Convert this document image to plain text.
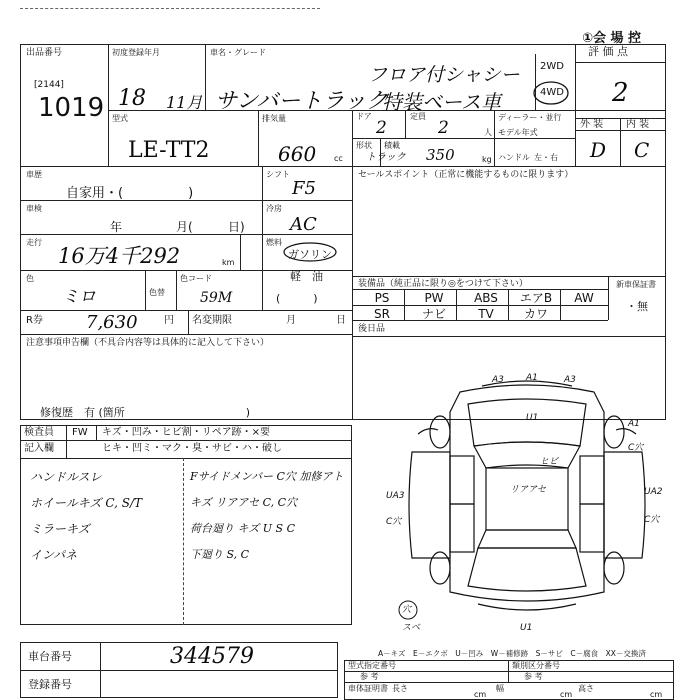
①会 場 控
出品番号
[2144]
1019
初度登録年月
18 11月
車名・グレード
フロア付シャシー
サンバートラック
特装ベース車
2WD
4WD
評 価 点
2
外 装 内 装
D C
型式
LE-TT2
排気量
660 cc
ドア
2
定員
2	人
ディーラー・並行
モデル年式
形状
トラック
積載
350	kg ハンドル 左・右
車歴
自家用・(　　　　　)
シフト
F5
車検
年	月(	日)
冷房
AC
走行
16万4千292	km
燃料
ガソリン
軽　油
(　　　)
色
ミロ	色替
色コード
59M
R券 7,630	円 名変期限	月	日
注意事項申告欄（不具合内容等は具体的に記入して下さい）
修復歴　有 (箇所　　　　　　　　　　　)
セールスポイント（正常に機能するものに限ります）
装備品（純正品に限り◎をつけて下さい）	新車保証書
・無
PS	PW	ABS	エアB	AW
SR	ナビ	TV	カワ
後日品
検査員
記入欄
FW キズ・凹み・ヒビ割・リペア跡・×要
ヒキ・凹ミ・マク・臭・サビ・ハ・破し
ハンドルスレ
ホイールキズ C, S/T
ミラーキズ
インパネ
Fサイドメンバー C穴 加修アト
キズ リアアセ C, C穴
荷台廻り キズ U S C
下廻り S, C
A3 A1	A3
U1
ヒビ
A1
C穴
UA3
C穴
リアアセ	UA2
C穴
U1
穴
スベ
A－キズ　E－エクボ　U－凹み　W－補修跡　S－サビ　C－腐食　XX－交換済
車台番号	344579
登録番号
型式指定番号	類別区分番号
参 考	参 考
車体証明書 長さ
cm
幅
cm
高さ
cm
